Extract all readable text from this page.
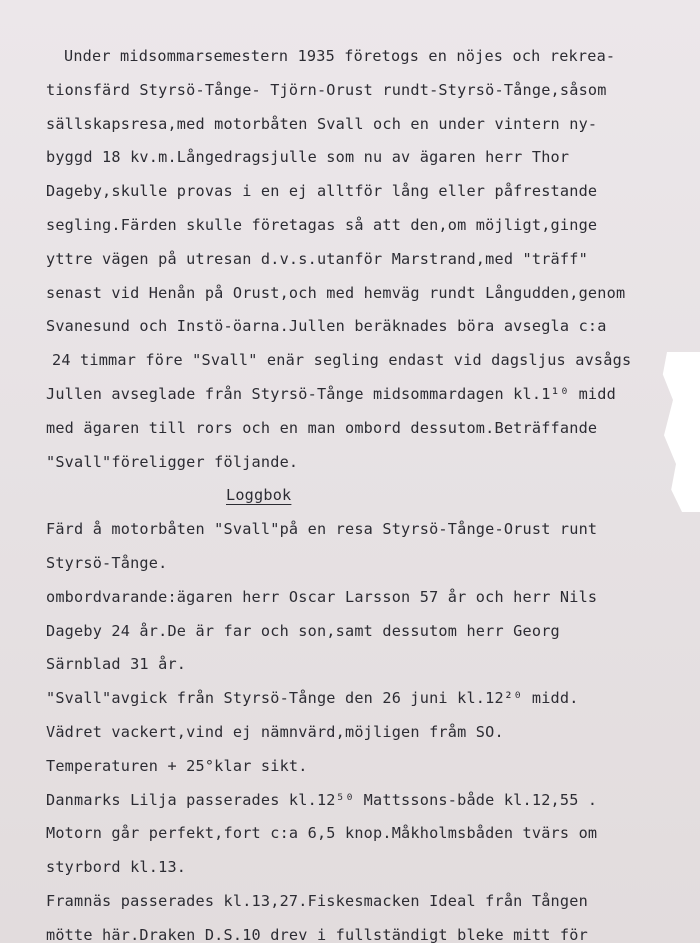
Under midsommarsemestern 1935 företogs en nöjes och rekrea-
tionsfärd Styrsö-Tånge- Tjörn-Orust rundt-Styrsö-Tånge,såsom
sällskapsresa,med motorbåten Svall och en under vintern ny-
byggd 18 kv.m.Långedragsjulle som nu av ägaren herr Thor
Dageby,skulle provas i en ej alltför lång eller påfrestande
segling.Färden skulle företagas så att den,om möjligt,ginge
yttre vägen på utresan d.v.s.utanför Marstrand,med "träff"
senast vid Henån på Orust,och med hemväg rundt Långudden,genom
Svanesund och Instö-öarna.Jullen beräknades böra avsegla c:a
24 timmar före "Svall" enär segling endast vid dagsljus avsågs
Jullen avseglade från Styrsö-Tånge midsommardagen kl.1¹⁰ midd
med ägaren till rors och en man ombord dessutom.Beträffande
"Svall"föreligger följande.
Loggbok
Färd å motorbåten "Svall"på en resa Styrsö-Tånge-Orust runt
Styrsö-Tånge.
ombordvarande:ägaren herr Oscar Larsson 57 år och herr Nils
Dageby 24 år.De är far och son,samt dessutom herr Georg
Särnblad 31 år.
"Svall"avgick från Styrsö-Tånge den 26 juni kl.12²⁰ midd.
Vädret vackert,vind ej nämnvärd,möjligen fråm SO.
Temperaturen + 25°klar sikt.
Danmarks Lilja passerades kl.12⁵⁰ Mattssons-både kl.12,55 .
Motorn går perfekt,fort c:a 6,5 knop.Måkholmsbåden tvärs om
styrbord kl.13.
Framnäs passerades kl.13,27.Fiskesmacken Ideal från Tången
mötte här.Draken D.S.10 drev i fullständigt bleke mitt för
